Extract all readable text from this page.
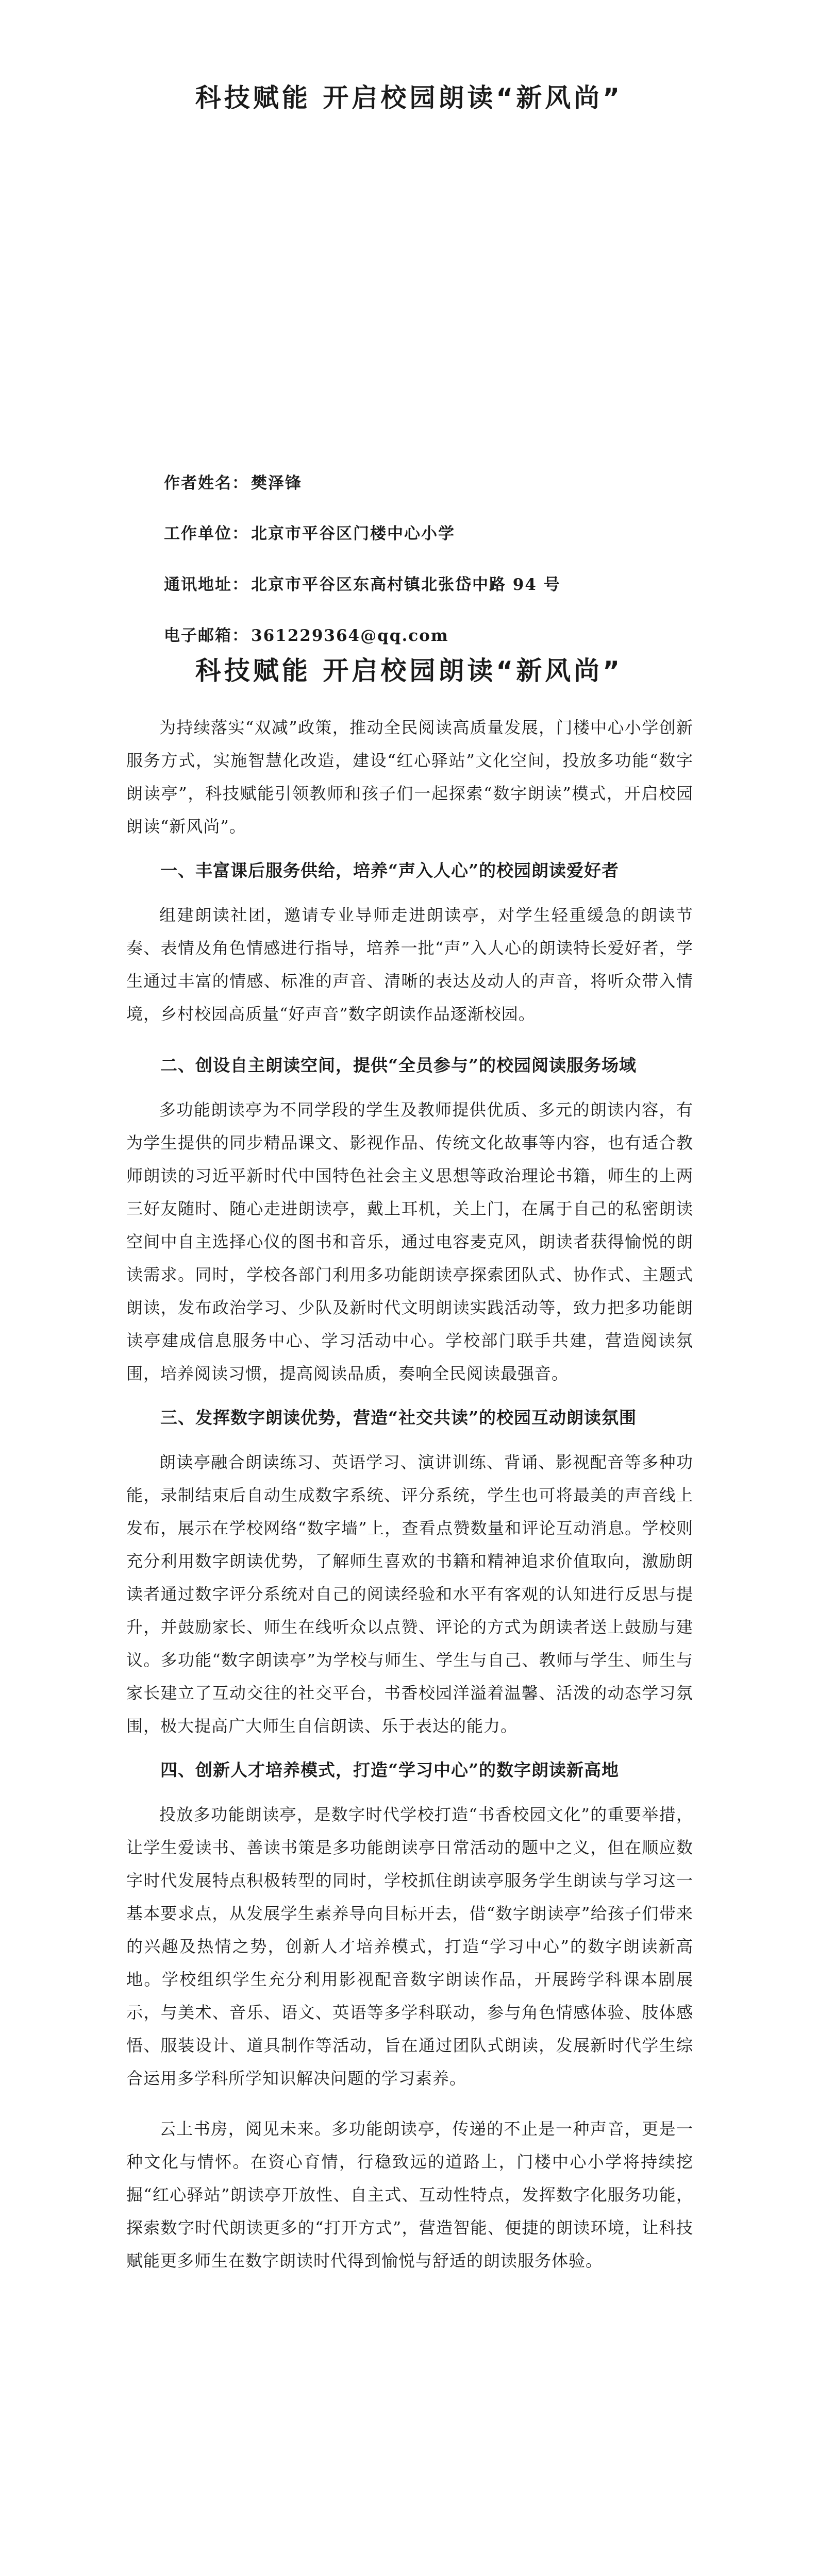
科技赋能 开启校园朗读“新风尚”
作者姓名： 樊泽锋
工作单位： 北京市平谷区门楼中心小学
通讯地址： 北京市平谷区东高村镇北张岱中路 94 号
电子邮箱： 361229364@qq.com
科技赋能 开启校园朗读“新风尚”

为持续落实“双减”政策，推动全民阅读高质量发展，门楼中心小学创新服务方式，实施智慧化改造，建设“红心驿站”文化空间，投放多功能“数字朗读亭”，科技赋能引领教师和孩子们一起探索“数字朗读”模式，开启校园朗读“新风尚”。

一、丰富课后服务供给，培养“声入人心”的校园朗读爱好者

组建朗读社团，邀请专业导师走进朗读亭，对学生轻重缓急的朗读节奏、表情及角色情感进行指导，培养一批“声”入人心的朗读特长爱好者，学生通过丰富的情感、标准的声音、清晰的表达及动人的声音，将听众带入情境，乡村校园高质量“好声音”数字朗读作品逐渐校园。

二、创设自主朗读空间，提供“全员参与”的校园阅读服务场域

多功能朗读亭为不同学段的学生及教师提供优质、多元的朗读内容，有为学生提供的同步精品课文、影视作品、传统文化故事等内容，也有适合教师朗读的习近平新时代中国特色社会主义思想等政治理论书籍，师生的上两三好友随时、随心走进朗读亭，戴上耳机，关上门，在属于自己的私密朗读空间中自主选择心仪的图书和音乐，通过电容麦克风，朗读者获得愉悦的朗读需求。同时，学校各部门利用多功能朗读亭探索团队式、协作式、主题式朗读，发布政治学习、少队及新时代文明朗读实践活动等，致力把多功能朗读亭建成信息服务中心、学习活动中心。学校部门联手共建，营造阅读氛围，培养阅读习惯，提高阅读品质，奏响全民阅读最强音。

三、发挥数字朗读优势，营造“社交共读”的校园互动朗读氛围

朗读亭融合朗读练习、英语学习、演讲训练、背诵、影视配音等多种功能，录制结束后自动生成数字系统、评分系统，学生也可将最美的声音线上发布，展示在学校网络“数字墙”上，查看点赞数量和评论互动消息。学校则充分利用数字朗读优势，了解师生喜欢的书籍和精神追求价值取向，激励朗读者通过数字评分系统对自己的阅读经验和水平有客观的认知进行反思与提升，并鼓励家长、师生在线听众以点赞、评论的方式为朗读者送上鼓励与建议。多功能“数字朗读亭”为学校与师生、学生与自己、教师与学生、师生与家长建立了互动交往的社交平台，书香校园洋溢着温馨、活泼的动态学习氛围，极大提高广大师生自信朗读、乐于表达的能力。

四、创新人才培养模式，打造“学习中心”的数字朗读新高地

投放多功能朗读亭，是数字时代学校打造“书香校园文化”的重要举措，让学生爱读书、善读书策是多功能朗读亭日常活动的题中之义，但在顺应数字时代发展特点积极转型的同时，学校抓住朗读亭服务学生朗读与学习这一基本要求点，从发展学生素养导向目标开去，借“数字朗读亭”给孩子们带来的兴趣及热情之势，创新人才培养模式，打造“学习中心”的数字朗读新高地。学校组织学生充分利用影视配音数字朗读作品，开展跨学科课本剧展示，与美术、音乐、语文、英语等多学科联动，参与角色情感体验、肢体感悟、服装设计、道具制作等活动，旨在通过团队式朗读，发展新时代学生综合运用多学科所学知识解决问题的学习素养。

云上书房，阅见未来。多功能朗读亭，传递的不止是一种声音，更是一种文化与情怀。在资心育情，行稳致远的道路上，门楼中心小学将持续挖掘“红心驿站”朗读亭开放性、自主式、互动性特点，发挥数字化服务功能，探索数字时代朗读更多的“打开方式”，营造智能、便捷的朗读环境，让科技赋能更多师生在数字朗读时代得到愉悦与舒适的朗读服务体验。
